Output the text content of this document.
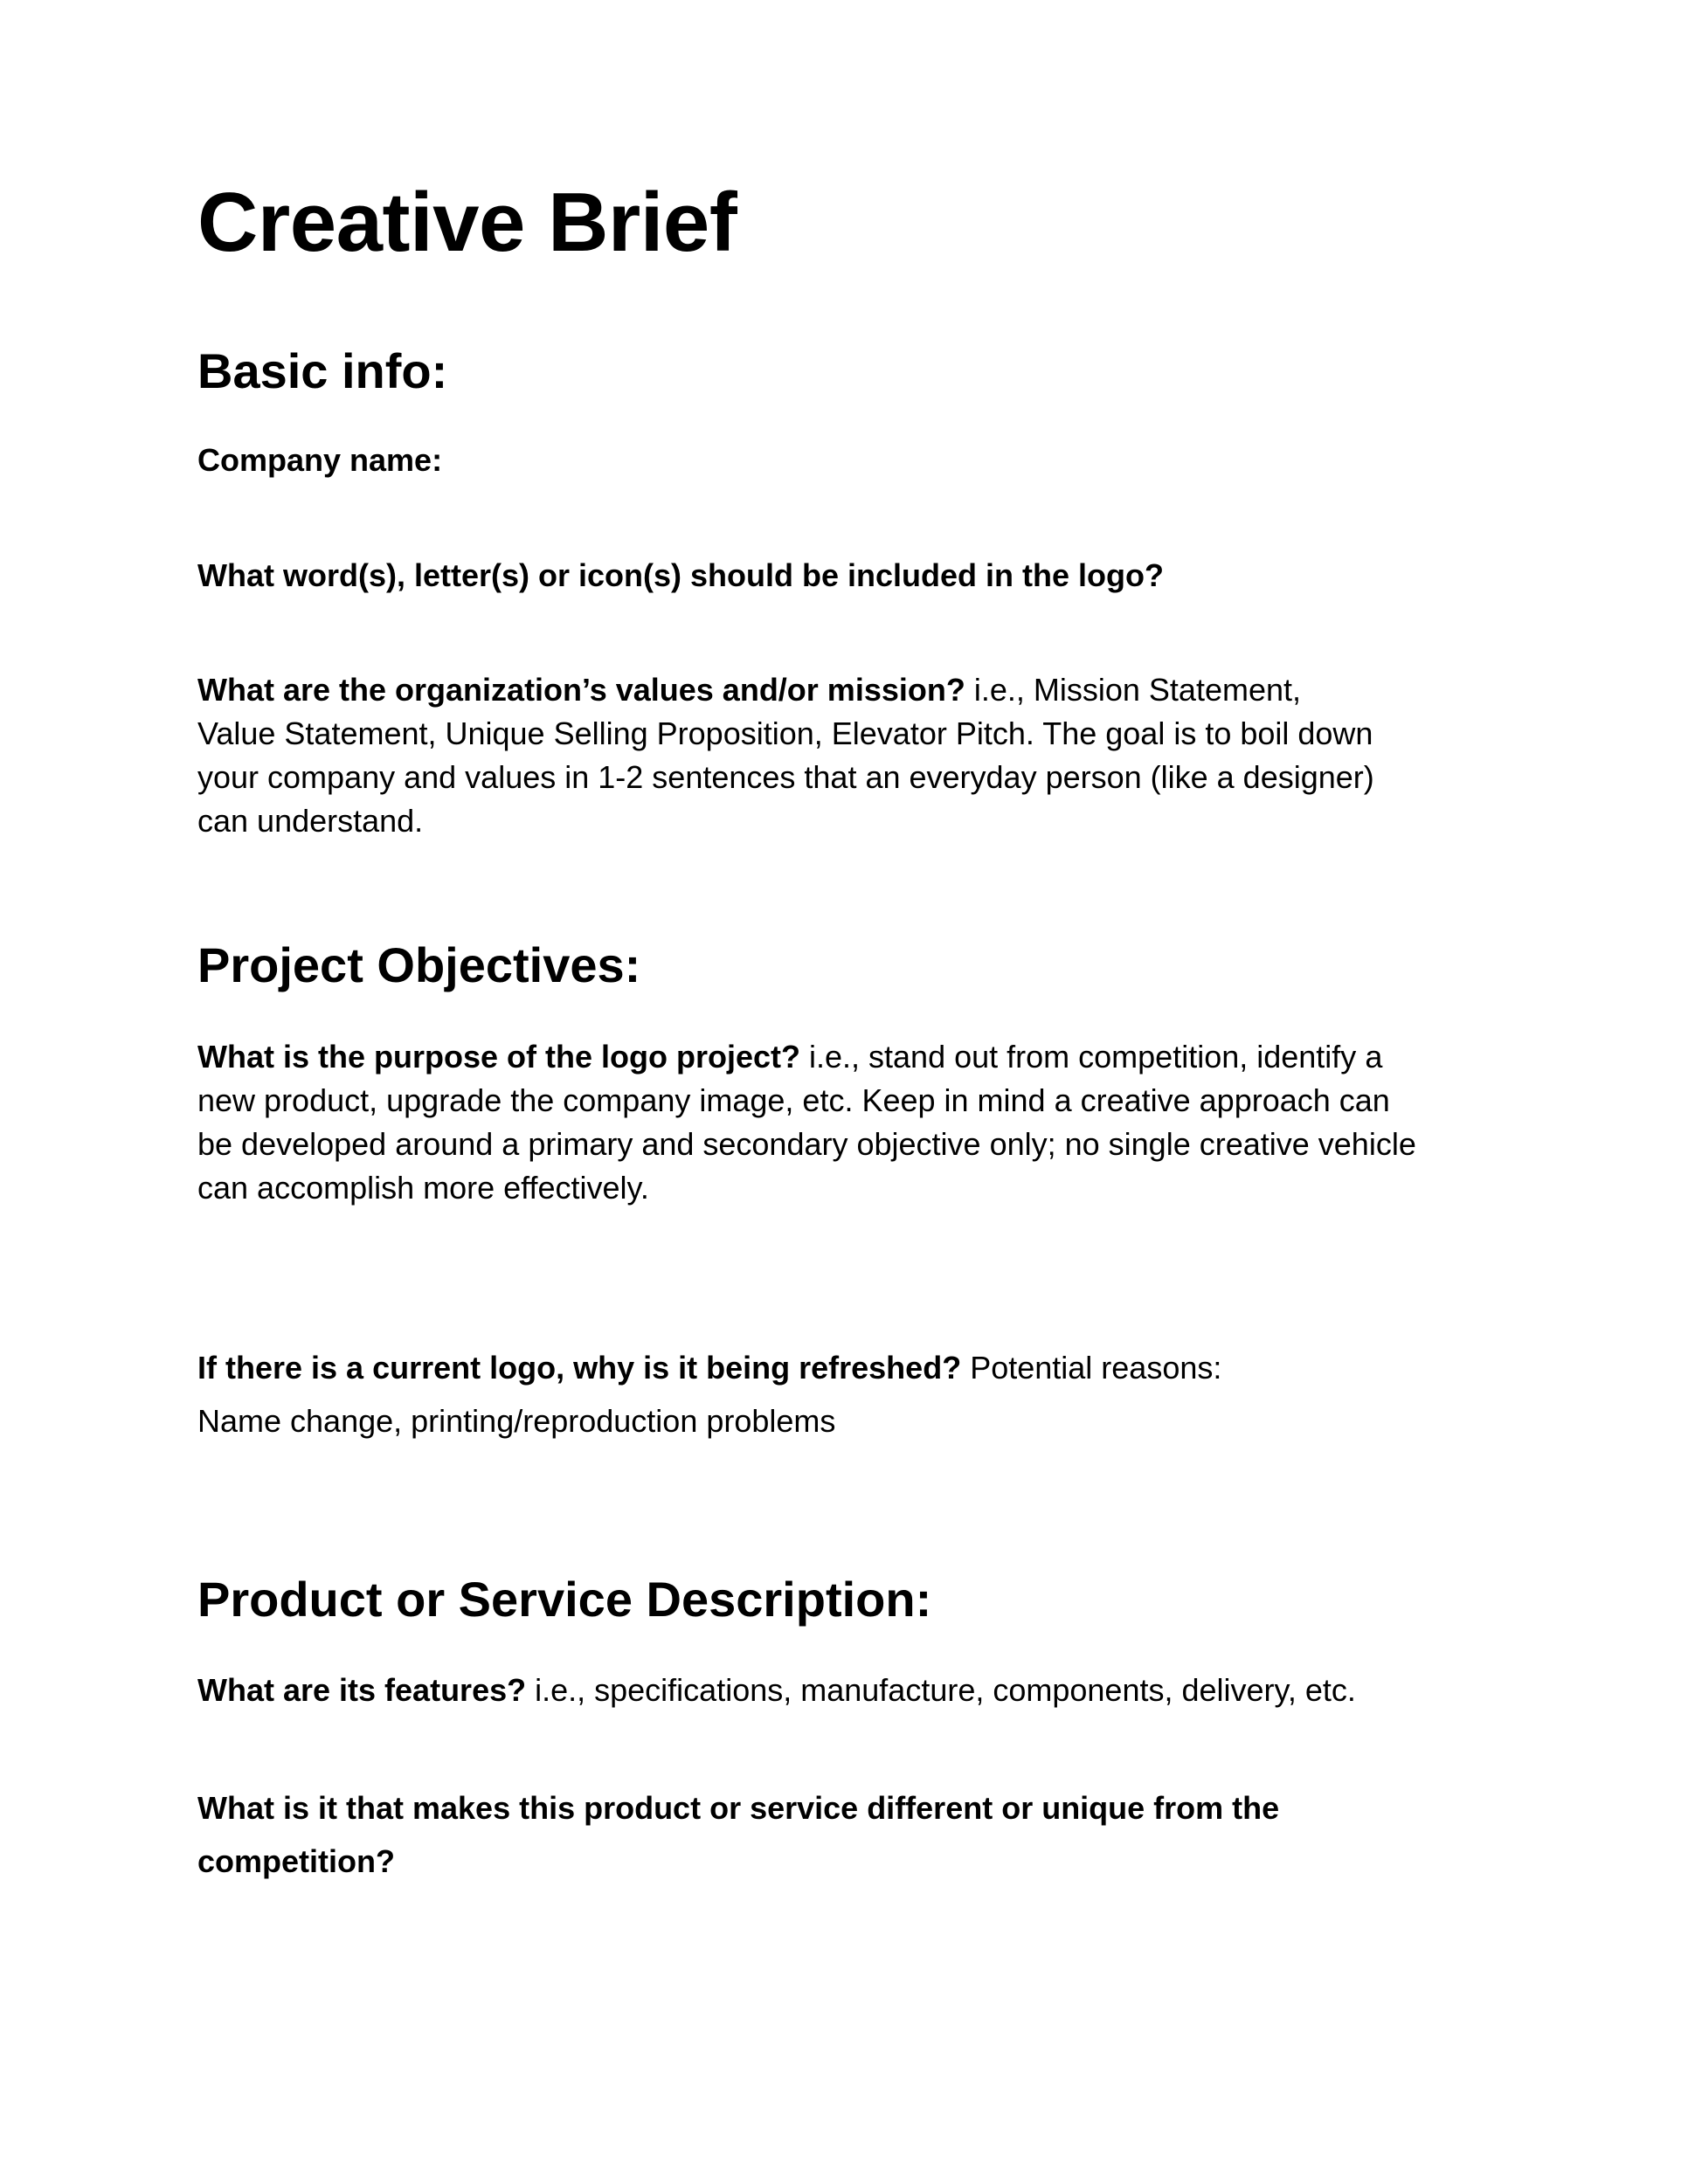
Creative Brief
Basic info:

Company name:

What word(s), letter(s) or icon(s) should be included in the logo?

What are the organization’s values and/or mission? i.e., Mission Statement,
Value Statement, Unique Selling Proposition, Elevator Pitch. The goal is to boil down
your company and values in 1-2 sentences that an everyday person (like a designer)
can understand.
Project Objectives:
What is the purpose of the logo project? i.e., stand out from competition, identify a
new product, upgrade the company image, etc. Keep in mind a creative approach can
be developed around a primary and secondary objective only; no single creative vehicle
can accomplish more effectively.
If there is a current logo, why is it being refreshed? Potential reasons:
Name change, printing/reproduction problems
Product or Service Description:

What are its features? i.e., specifications, manufacture, components, delivery, etc.

What is it that makes this product or service different or unique from the
competition?
